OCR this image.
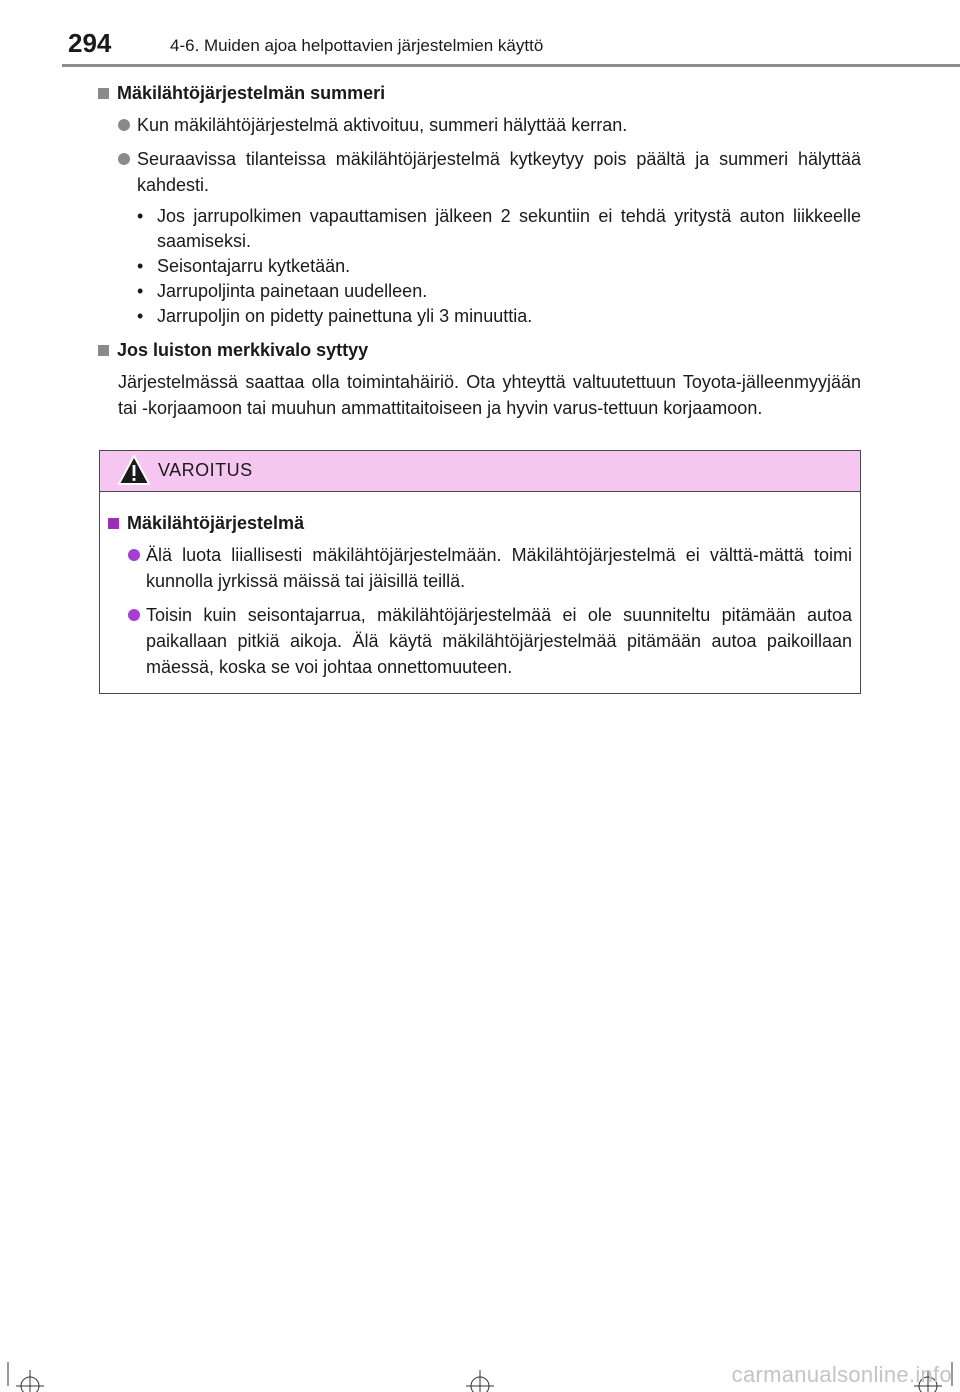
294	4-6. Muiden ajoa helpottavien järjestelmien käyttö
Mäkilähtöjärjestelmän summeri
Kun mäkilähtöjärjestelmä aktivoituu, summeri hälyttää kerran.
Seuraavissa tilanteissa mäkilähtöjärjestelmä kytkeytyy pois päältä ja summeri hälyttää kahdesti.
• Jos jarrupolkimen vapauttamisen jälkeen 2 sekuntiin ei tehdä yritystä auton liikkeelle saamiseksi.
• Seisontajarru kytketään.
• Jarrupoljinta painetaan uudelleen.
• Jarrupoljin on pidetty painettuna yli 3 minuuttia.
Jos luiston merkkivalo syttyy
Järjestelmässä saattaa olla toimintahäiriö. Ota yhteyttä valtuutettuun Toyota-jälleenmyyjään tai -korjaamoon tai muuhun ammattitaitoiseen ja hyvin varus-tettuun korjaamoon.
VAROITUS
Mäkilähtöjärjestelmä
Älä luota liiallisesti mäkilähtöjärjestelmään. Mäkilähtöjärjestelmä ei välttä-mättä toimi kunnolla jyrkissä mäissä tai jäisillä teillä.
Toisin kuin seisontajarrua, mäkilähtöjärjestelmää ei ole suunniteltu pitämään autoa paikallaan pitkiä aikoja. Älä käytä mäkilähtöjärjestelmää pitämään autoa paikoillaan mäessä, koska se voi johtaa onnettomuuteen.
carmanualsonline.info
